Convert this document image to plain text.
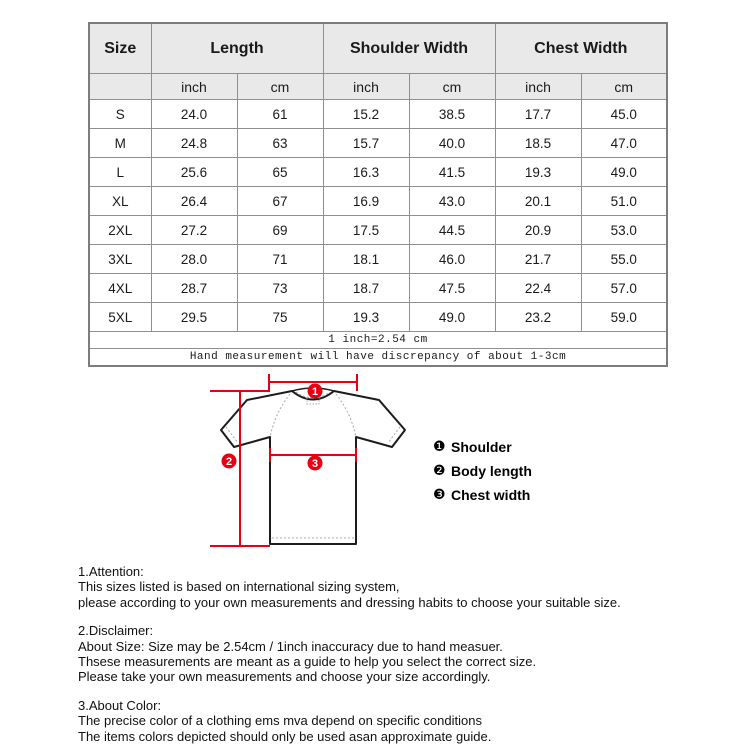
Size	Length		Shoulder Width		Chest Width	
	inch	cm	inch	cm	inch	cm
S	24.0	61	15.2	38.5	17.7	45.0
M	24.8	63	15.7	40.0	18.5	47.0
L	25.6	65	16.3	41.5	19.3	49.0
XL	26.4	67	16.9	43.0	20.1	51.0
2XL	27.2	69	17.5	44.5	20.9	53.0
3XL	28.0	71	18.1	46.0	21.7	55.0
4XL	28.7	73	18.7	47.5	22.4	57.0
5XL	29.5	75	19.3	49.0	23.2	59.0
1 inch=2.54 cm						
Hand measurement will have discrepancy of about 1-3cm						
1
2	3
❶ Shoulder
❷ Body length
❸ Chest width

1.Attention:

This sizes listed is based on international sizing system,

please according to your own measurements and dressing habits to choose your suitable size.

2.Disclaimer:

About Size: Size may be 2.54cm / 1inch inaccuracy due to hand measuer.

Thsese measurements are meant as a guide to help you select the correct size.

Please take your own measurements and choose your size accordingly.

3.About Color:

The precise color of a clothing ems mva depend on specific conditions

The items colors depicted should only be used asan approximate guide.
